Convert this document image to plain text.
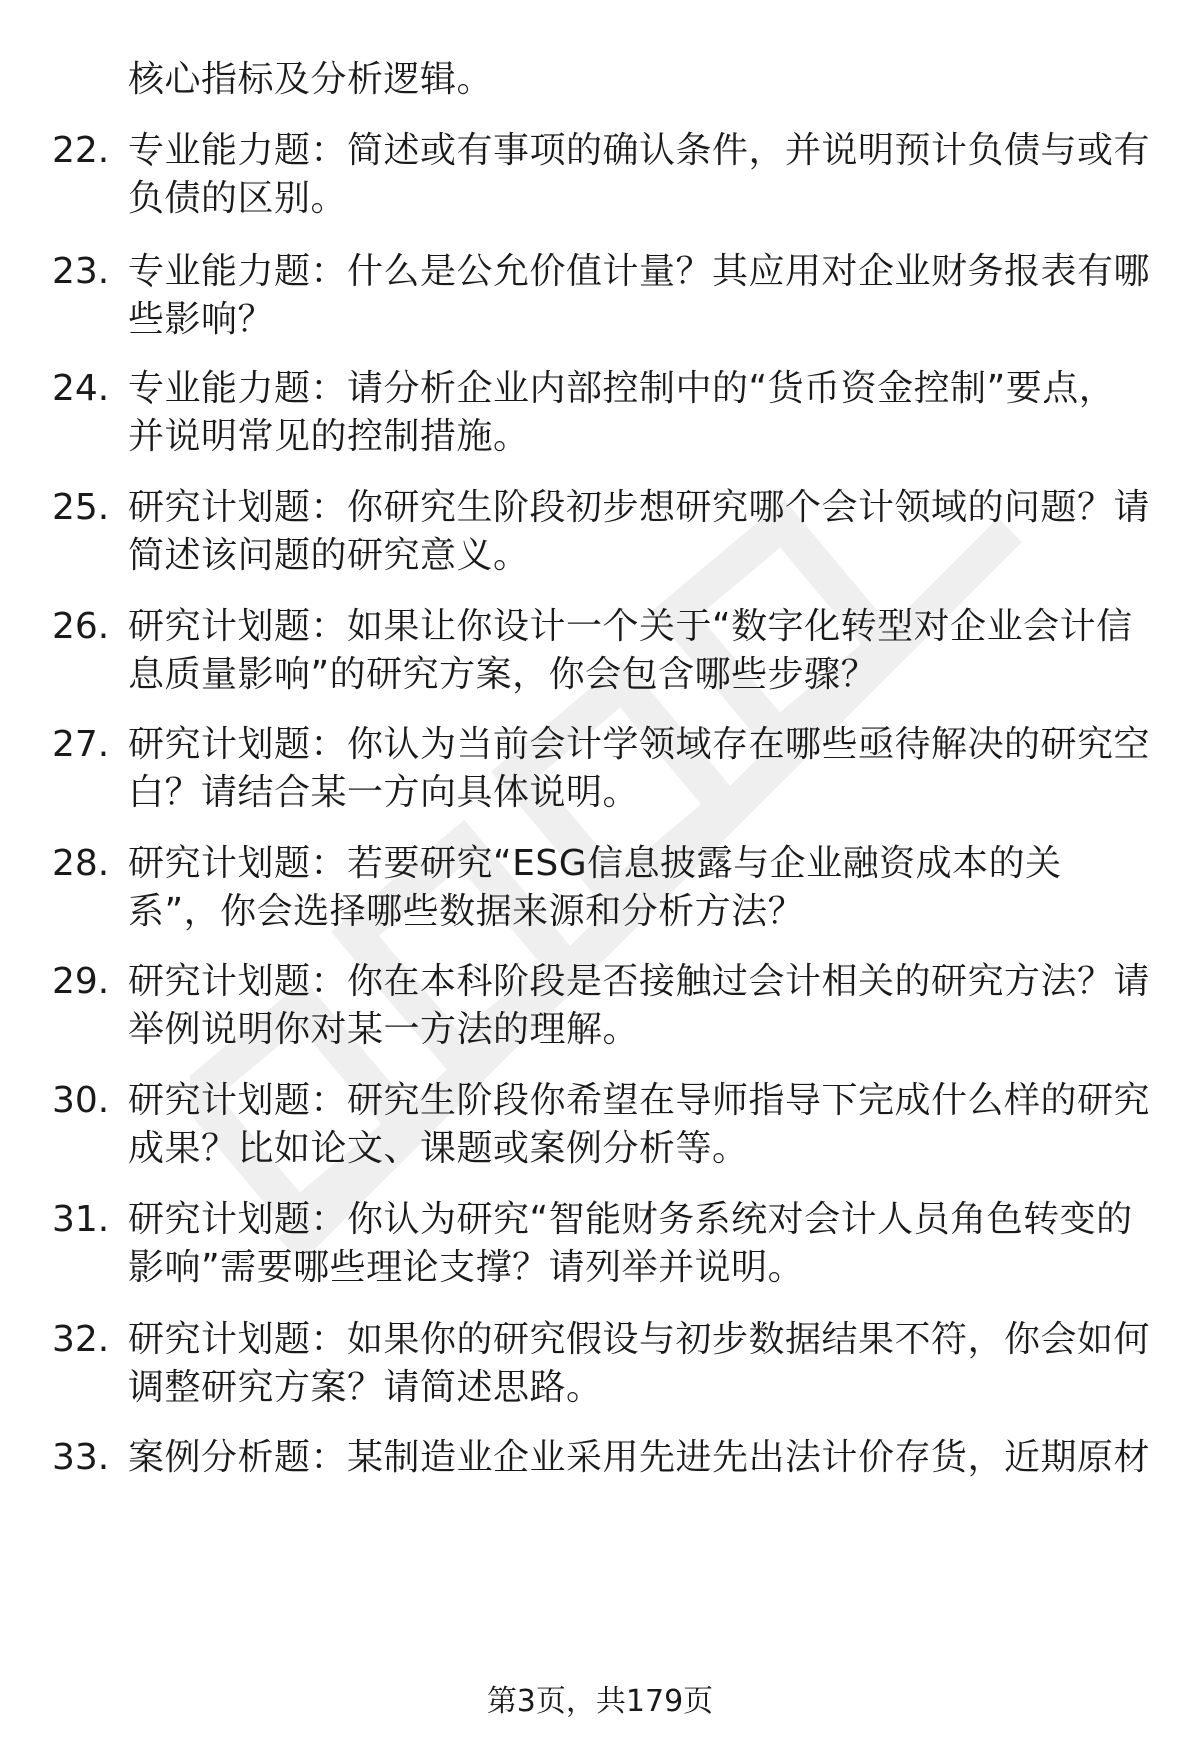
核心指标及分析逻辑。
22. 专业能力题：简述或有事项的确认条件，并说明预计负债与或有
负债的区别。
23. 专业能力题：什么是公允价值计量？其应用对企业财务报表有哪
些影响？
24. 专业能力题：请分析企业内部控制中的“货币资金控制”要点，
并说明常见的控制措施。
25. 研究计划题：你研究生阶段初步想研究哪个会计领域的问题？请
简述该问题的研究意义。
26. 研究计划题：如果让你设计一个关于“数字化转型对企业会计信
息质量影响”的研究方案，你会包含哪些步骤？
27. 研究计划题：你认为当前会计学领域存在哪些亟待解决的研究空
白？请结合某一方向具体说明。
28. 研究计划题：若要研究“ESG信息披露与企业融资成本的关
系”，你会选择哪些数据来源和分析方法？
29. 研究计划题：你在本科阶段是否接触过会计相关的研究方法？请
举例说明你对某一方法的理解。
30. 研究计划题：研究生阶段你希望在导师指导下完成什么样的研究
成果？比如论文、课题或案例分析等。
31. 研究计划题：你认为研究“智能财务系统对会计人员角色转变的
影响”需要哪些理论支撑？请列举并说明。
32. 研究计划题：如果你的研究假设与初步数据结果不符，你会如何
调整研究方案？请简述思路。
33. 案例分析题：某制造业企业采用先进先出法计价存货，近期原材
第3页，共179页
